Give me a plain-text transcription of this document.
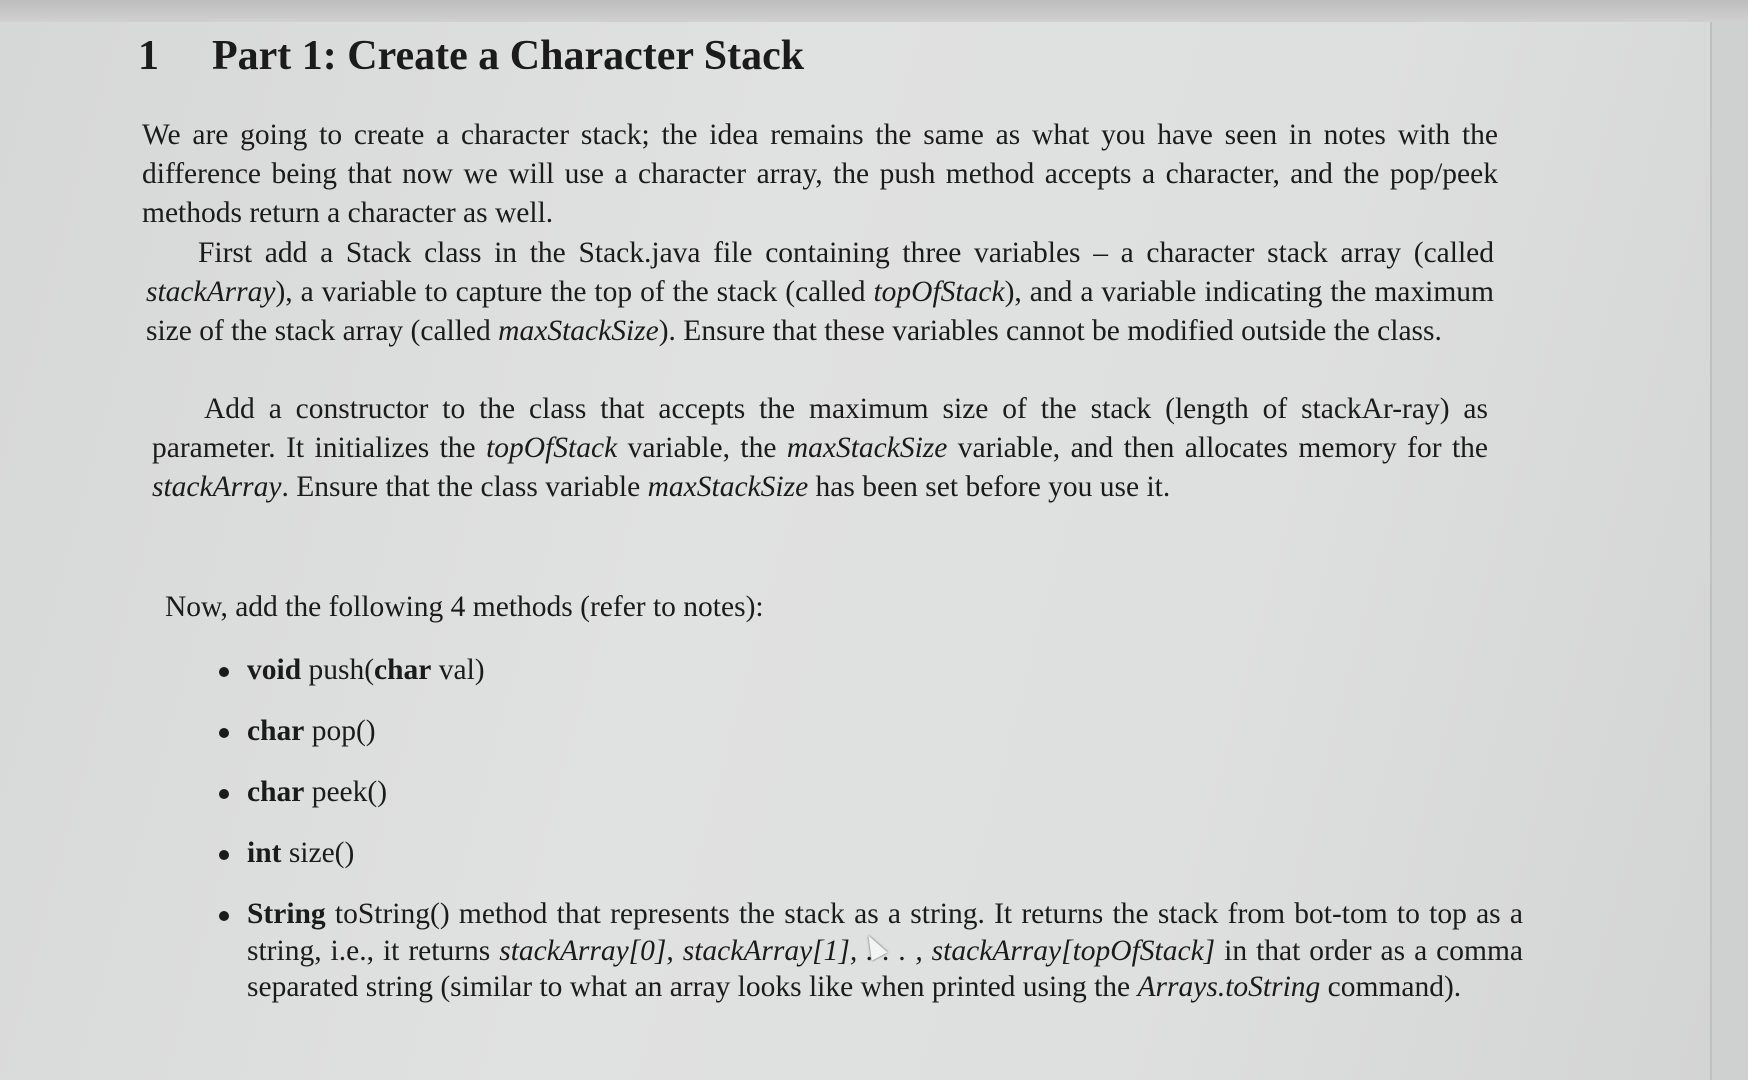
1 Part 1: Create a Character Stack

We are going to create a character stack; the idea remains the same as what you have seen in notes with the difference being that now we will use a character array, the push method accepts a character, and the pop/peek methods return a character as well.

First add a Stack class in the Stack.java file containing three variables – a character stack array (called stackArray), a variable to capture the top of the stack (called topOfStack), and a variable indicating the maximum size of the stack array (called maxStackSize). Ensure that these variables cannot be modified outside the class.

Add a constructor to the class that accepts the maximum size of the stack (length of stackAr-ray) as parameter. It initializes the topOfStack variable, the maxStackSize variable, and then allocates memory for the stackArray. Ensure that the class variable maxStackSize has been set before you use it.

Now, add the following 4 methods (refer to notes):

void push(char val)
char pop()
char peek()
int size()
String toString() method that represents the stack as a string. It returns the stack from bot-tom to top as a string, i.e., it returns stackArray[0], stackArray[1], . . . , stackArray[topOfStack] in that order as a comma separated string (similar to what an array looks like when printed using the Arrays.toString command).
